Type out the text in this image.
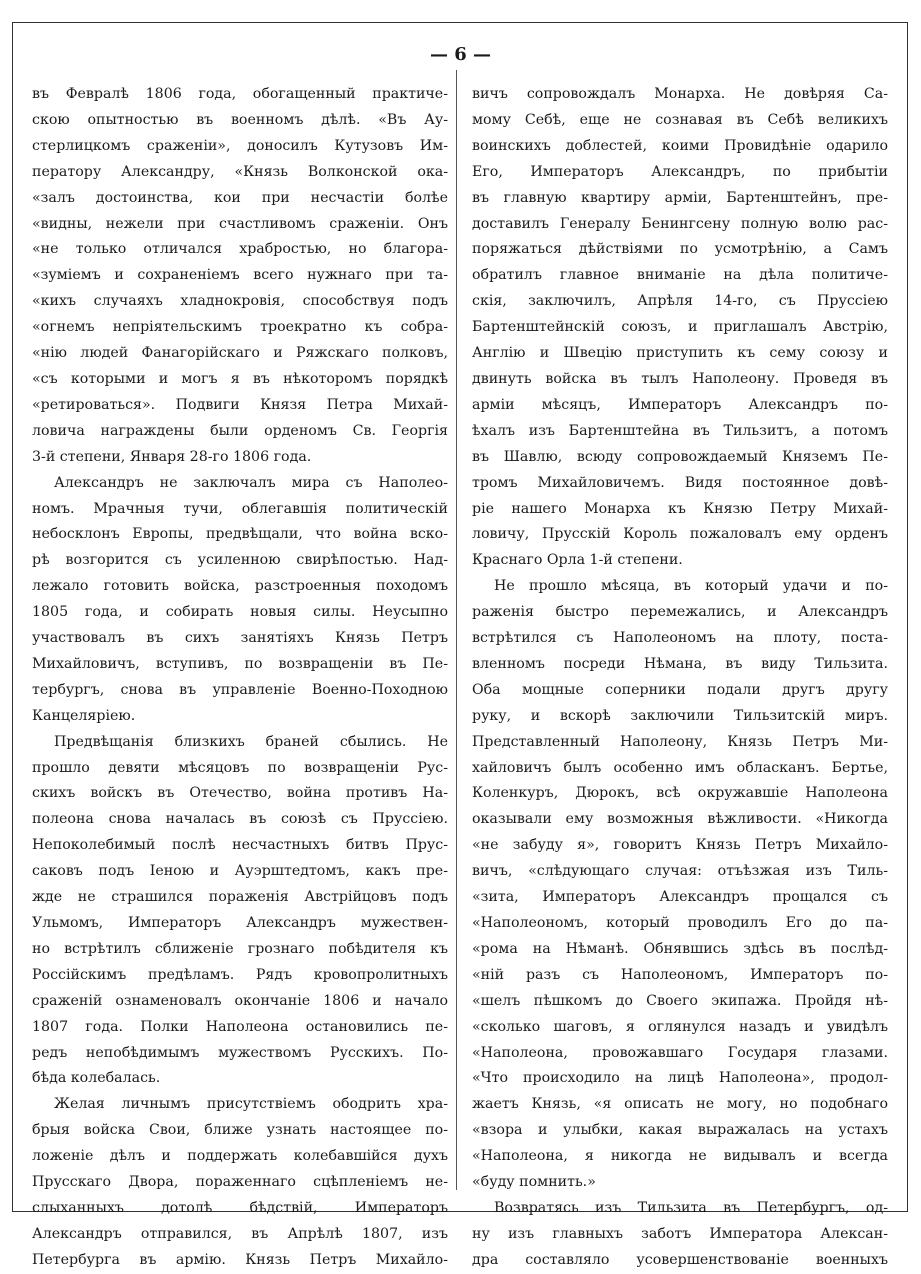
— 6 —

въ Февралѣ 1806 года, обогащенный практиче-

скою опытностью въ военномъ дѣлѣ. «Въ Ау-

стерлицкомъ сраженіи», доносилъ Кутузовъ Им-

ператору Александру, «Князь Волконской ока-

«залъ достоинства, кои при несчастіи болѣе

«видны, нежели при счастливомъ сраженіи. Онъ

«не только отличался храбростью, но благора-

«зуміемъ и сохраненіемъ всего нужнаго при та-

«кихъ случаяхъ хладнокровія, способствуя подъ

«огнемъ непріятельскимъ троекратно къ собра-

«нію людей Фанагорійскаго и Ряжскаго полковъ,

«съ которыми и могъ я въ нѣкоторомъ порядкѣ

«ретироваться». Подвиги Князя Петра Михай-

ловича награждены были орденомъ Св. Георгія

3-й степени, Января 28-го 1806 года.

Александръ не заключалъ мира съ Наполео-

номъ. Мрачныя тучи, облегавшія политическій

небосклонъ Европы, предвѣщали, что война вско-

рѣ возгорится съ усиленною свирѣпостью. Над-

лежало готовить войска, разстроенныя походомъ

1805 года, и собирать новыя силы. Неусыпно

участвовалъ въ сихъ занятіяхъ Князь Петръ

Михайловичъ, вступивъ, по возвращеніи въ Пе-

тербургъ, снова въ управленіе Военно-Походною

Канцеляріею.

Предвѣщанія близкихъ браней сбылись. Не

прошло девяти мѣсяцовъ по возвращеніи Рус-

скихъ войскъ въ Отечество, война противъ На-

полеона снова началась въ союзѣ съ Пруссіею.

Непоколебимый послѣ несчастныхъ битвъ Прус-

саковъ подъ Іеною и Ауэрштедтомъ, какъ пре-

жде не страшился пораженія Австрійцовъ подъ

Ульмомъ, Императоръ Александръ мужествен-

но встрѣтилъ сближеніе грознаго побѣдителя къ

Россійскимъ предѣламъ. Рядъ кровопролитныхъ

сраженій ознаменовалъ окончаніе 1806 и начало

1807 года. Полки Наполеона остановились пе-

редъ непобѣдимымъ мужествомъ Русскихъ. По-

бѣда колебалась.

Желая личнымъ присутствіемъ ободрить хра-

брыя войска Свои, ближе узнать настоящее по-

ложеніе дѣлъ и поддержать колебавшійся духъ

Прусскаго Двора, пораженнаго сцѣпленіемъ не-

слыханныхъ дотолѣ бѣдствій, Императоръ

Александръ отправился, въ Апрѣлѣ 1807, изъ

Петербурга въ армію. Князь Петръ Михайло-

вичъ сопровождалъ Монарха. Не довѣряя Са-

мому Себѣ, еще не сознавая въ Себѣ великихъ

воинскихъ доблестей, коими Провидѣніе одарило

Его, Императоръ Александръ, по прибытіи

въ главную квартиру арміи, Бартенштейнъ, пре-

доставилъ Генералу Бенингсену полную волю рас-

поряжаться дѣйствіями по усмотрѣнію, а Самъ

обратилъ главное вниманіе на дѣла политиче-

скія, заключилъ, Апрѣля 14-го, съ Пруссіею

Бартенштейнскій союзъ, и приглашалъ Австрію,

Англію и Швецію приступить къ сему союзу и

двинуть войска въ тылъ Наполеону. Проведя въ

арміи мѣсяцъ, Императоръ Александръ по-

ѣхалъ изъ Бартенштейна въ Тильзитъ, а потомъ

въ Шавлю, всюду сопровождаемый Княземъ Пе-

тромъ Михайловичемъ. Видя постоянное довѣ-

ріе нашего Монарха къ Князю Петру Михай-

ловичу, Прусскій Король пожаловалъ ему орденъ

Краснаго Орла 1-й степени.

Не прошло мѣсяца, въ который удачи и по-

раженія быстро перемежались, и Александръ

встрѣтился съ Наполеономъ на плоту, поста-

вленномъ посреди Нѣмана, въ виду Тильзита.

Оба мощные соперники подали другъ другу

руку, и вскорѣ заключили Тильзитскій миръ.

Представленный Наполеону, Князь Петръ Ми-

хайловичъ былъ особенно имъ обласканъ. Бертье,

Коленкуръ, Дюрокъ, всѣ окружавшіе Наполеона

оказывали ему возможныя вѣжливости. «Никогда

«не забуду я», говоритъ Князь Петръ Михайло-

вичъ, «слѣдующаго случая: отъѣзжая изъ Тиль-

«зита, Императоръ Александръ прощался съ

«Наполеономъ, который проводилъ Его до па-

«рома на Нѣманѣ. Обнявшись здѣсь въ послѣд-

«ній разъ съ Наполеономъ, Императоръ по-

«шелъ пѣшкомъ до Своего экипажа. Пройдя нѣ-

«сколько шаговъ, я оглянулся назадъ и увидѣлъ

«Наполеона, провожавшаго Государя глазами.

«Что происходило на лицѣ Наполеона», продол-

жаетъ Князь, «я описать не могу, но подобнаго

«взора и улыбки, какая выражалась на устахъ

«Наполеона, я никогда не видывалъ и всегда

«буду помнить.»

Возвратясь изъ Тильзита въ Петербургъ, од-

ну изъ главныхъ заботъ Императора Алексан-

дра составляло усовершенствованіе военныхъ
